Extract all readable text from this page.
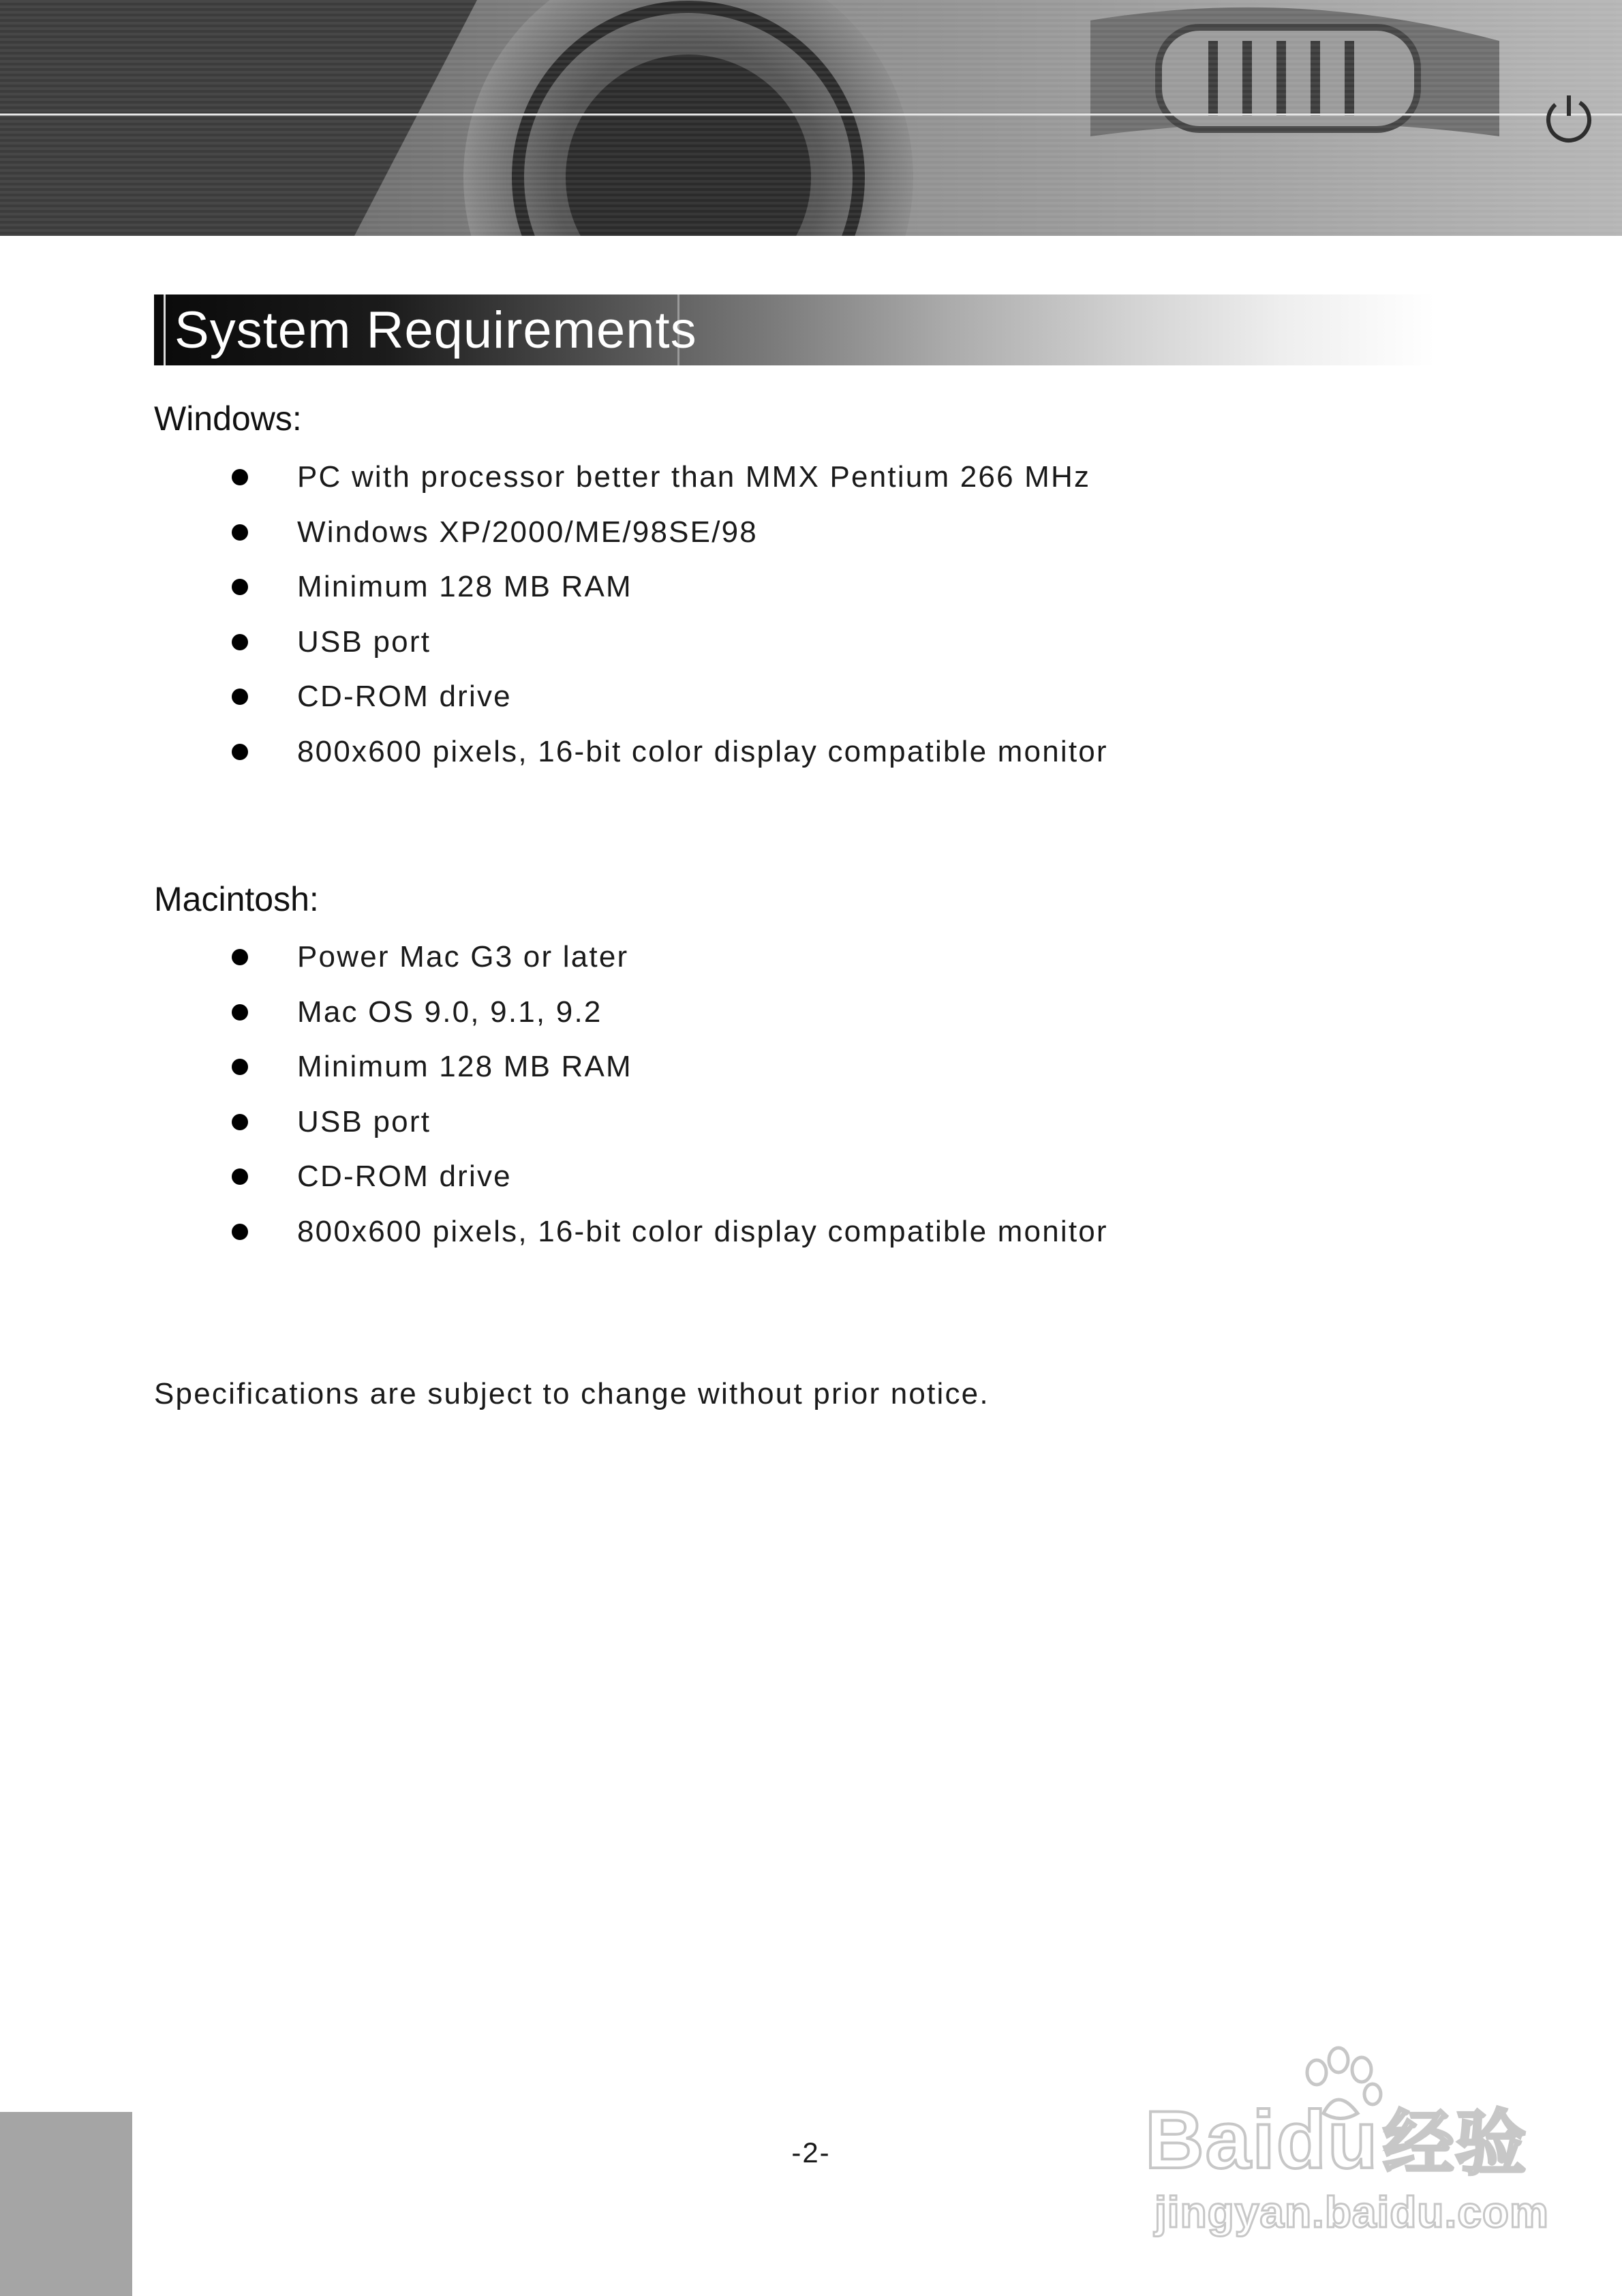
System Requirements
Windows:
PC with processor better than MMX Pentium 266 MHz
Windows XP/2000/ME/98SE/98
Minimum 128 MB RAM
USB port
CD-ROM drive
800x600 pixels, 16-bit color display compatible monitor
Macintosh:
Power Mac G3 or later
Mac OS 9.0, 9.1, 9.2
Minimum 128 MB RAM
USB port
CD-ROM drive
800x600 pixels, 16-bit color display compatible monitor
Specifications are subject to change without prior notice.
-2-	Baidu经验
jingyan.baidu.com
